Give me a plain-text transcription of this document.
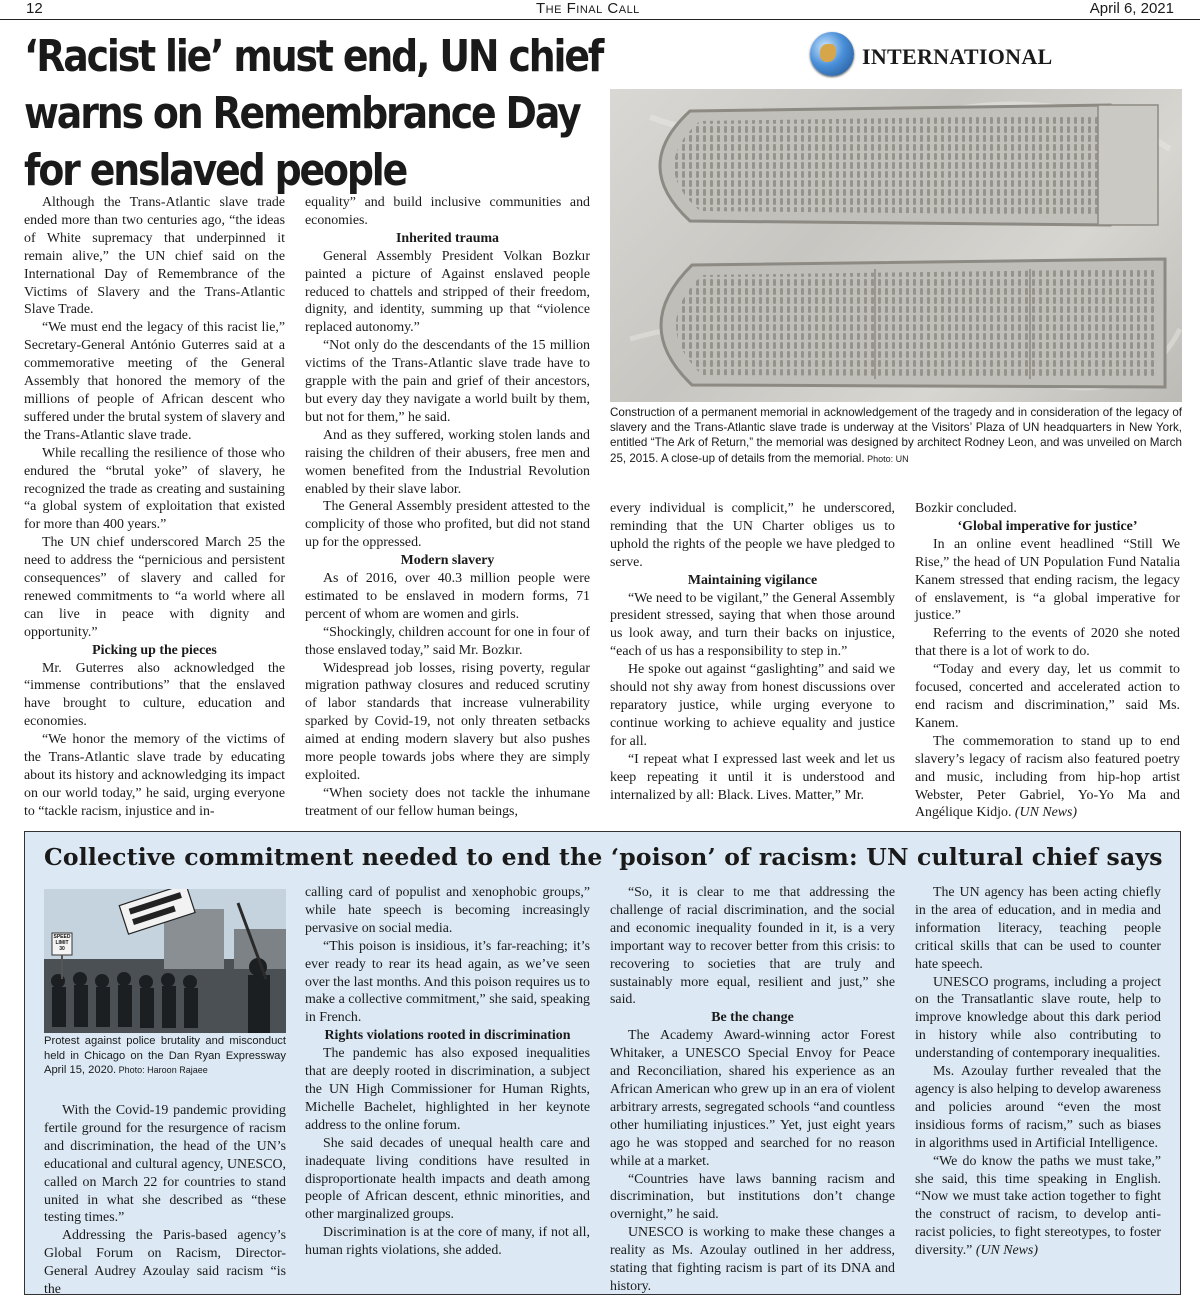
12	The Final Call	April 6, 2021
‘Racist lie’ must end, UN chief warns on Remembrance Day for enslaved people
INTERNATIONAL
Construction of a permanent memorial in acknowledgement of the tragedy and in consideration of the legacy of slavery and the Trans-Atlantic slave trade is underway at the Visitors’ Plaza of UN headquarters in New York, entitled “The Ark of Return,” the memorial was designed by architect Rodney Leon, and was unveiled on March 25, 2015. A close-up of details from the memorial. Photo: UN

Although the Trans-Atlantic slave trade ended more than two centuries ago, “the ideas of White supremacy that underpinned it remain alive,” the UN chief said on the International Day of Remembrance of the Victims of Slavery and the Trans-Atlantic Slave Trade.

“We must end the legacy of this racist lie,” Secretary-General António Guterres said at a commemorative meeting of the General Assembly that honored the memory of the millions of people of African descent who suffered under the brutal system of slavery and the Trans-Atlantic slave trade.

While recalling the resilience of those who endured the “brutal yoke” of slavery, he recognized the trade as creating and sustaining “a global system of exploitation that existed for more than 400 years.”

The UN chief underscored March 25 the need to address the “pernicious and persistent consequences” of slavery and called for renewed commitments to “a world where all can live in peace with dignity and opportunity.”

Picking up the pieces

Mr. Guterres also acknowledged the “immense contributions” that the enslaved have brought to culture, education and economies.

“We honor the memory of the victims of the Trans-Atlantic slave trade by educating about its history and acknowledging its impact on our world today,” he said, urging everyone to “tackle racism, injustice and in-

equality” and build inclusive communities and economies.

Inherited trauma

General Assembly President Volkan Bozkır painted a picture of Against enslaved people reduced to chattels and stripped of their freedom, dignity, and identity, summing up that “violence replaced autonomy.”

“Not only do the descendants of the 15 million victims of the Trans-Atlantic slave trade have to grapple with the pain and grief of their ancestors, but every day they navigate a world built by them, but not for them,” he said.

And as they suffered, working stolen lands and raising the children of their abusers, free men and women benefited from the Industrial Revolution enabled by their slave labor.

The General Assembly president attested to the complicity of those who profited, but did not stand up for the oppressed.

Modern slavery

As of 2016, over 40.3 million people were estimated to be enslaved in modern forms, 71 percent of whom are women and girls.

“Shockingly, children account for one in four of those enslaved today,” said Mr. Bozkır.

Widespread job losses, rising poverty, regular migration pathway closures and reduced scrutiny of labor standards that increase vulnerability sparked by Covid-19, not only threaten setbacks aimed at ending modern slavery but also pushes more people towards jobs where they are simply exploited.

“When society does not tackle the inhumane treatment of our fellow human beings,

every individual is complicit,” he underscored, reminding that the UN Charter obliges us to uphold the rights of the people we have pledged to serve.

Maintaining vigilance

“We need to be vigilant,” the General Assembly president stressed, saying that when those around us look away, and turn their backs on injustice, “each of us has a responsibility to step in.”

He spoke out against “gaslighting” and said we should not shy away from honest discussions over reparatory justice, while urging everyone to continue working to achieve equality and justice for all.

“I repeat what I expressed last week and let us keep repeating it until it is understood and internalized by all: Black. Lives. Matter,” Mr.

Bozkir concluded.

‘Global imperative for justice’

In an online event headlined “Still We Rise,” the head of UN Population Fund Natalia Kanem stressed that ending racism, the legacy of enslavement, is “a global imperative for justice.”

Referring to the events of 2020 she noted that there is a lot of work to do.

“Today and every day, let us commit to focused, concerted and accelerated action to end racism and discrimination,” said Ms. Kanem.

The commemoration to stand up to end slavery’s legacy of racism also featured poetry and music, including from hip-hop artist Webster, Peter Gabriel, Yo-Yo Ma and Angélique Kidjo. (UN News)

Collective commitment needed to end the ‘poison’ of racism: UN cultural chief says
SPEED LIMIT 30
Protest against police brutality and misconduct held in Chicago on the Dan Ryan Expressway April 15, 2020. Photo: Haroon Rajaee

With the Covid-19 pandemic providing fertile ground for the resurgence of racism and discrimination, the head of the UN’s educational and cultural agency, UNESCO, called on March 22 for countries to stand united in what she described as “these testing times.”

Addressing the Paris-based agency’s Global Forum on Racism, Director-General Audrey Azoulay said racism “is the

calling card of populist and xenophobic groups,” while hate speech is becoming increasingly pervasive on social media.

“This poison is insidious, it’s far-reaching; it’s ever ready to rear its head again, as we’ve seen over the last months. And this poison requires us to make a collective commitment,” she said, speaking in French.

Rights violations rooted in discrimination

The pandemic has also exposed inequalities that are deeply rooted in discrimination, a subject the UN High Commissioner for Human Rights, Michelle Bachelet, highlighted in her keynote address to the online forum.

She said decades of unequal health care and inadequate living conditions have resulted in disproportionate health impacts and death among people of African descent, ethnic minorities, and other marginalized groups.

Discrimination is at the core of many, if not all, human rights violations, she added.

“So, it is clear to me that addressing the challenge of racial discrimination, and the social and economic inequality founded in it, is a very important way to recover better from this crisis: to recovering to societies that are truly and sustainably more equal, resilient and just,” she said.

Be the change

The Academy Award-winning actor Forest Whitaker, a UNESCO Special Envoy for Peace and Reconciliation, shared his experience as an African American who grew up in an era of violent arbitrary arrests, segregated schools “and countless other humiliating injustices.” Yet, just eight years ago he was stopped and searched for no reason while at a market.

“Countries have laws banning racism and discrimination, but institutions don’t change overnight,” he said.

UNESCO is working to make these changes a reality as Ms. Azoulay outlined in her address, stating that fighting racism is part of its DNA and history.

The UN agency has been acting chiefly in the area of education, and in media and information literacy, teaching people critical skills that can be used to counter hate speech.

UNESCO programs, including a project on the Transatlantic slave route, help to improve knowledge about this dark period in history while also contributing to understanding of contemporary inequalities.

Ms. Azoulay further revealed that the agency is also helping to develop awareness and policies around “even the most insidious forms of racism,” such as biases in algorithms used in Artificial Intelligence.

“We do know the paths we must take,” she said, this time speaking in English. “Now we must take action together to fight the construct of racism, to develop anti-racist policies, to fight stereotypes, to foster diversity.” (UN News)
